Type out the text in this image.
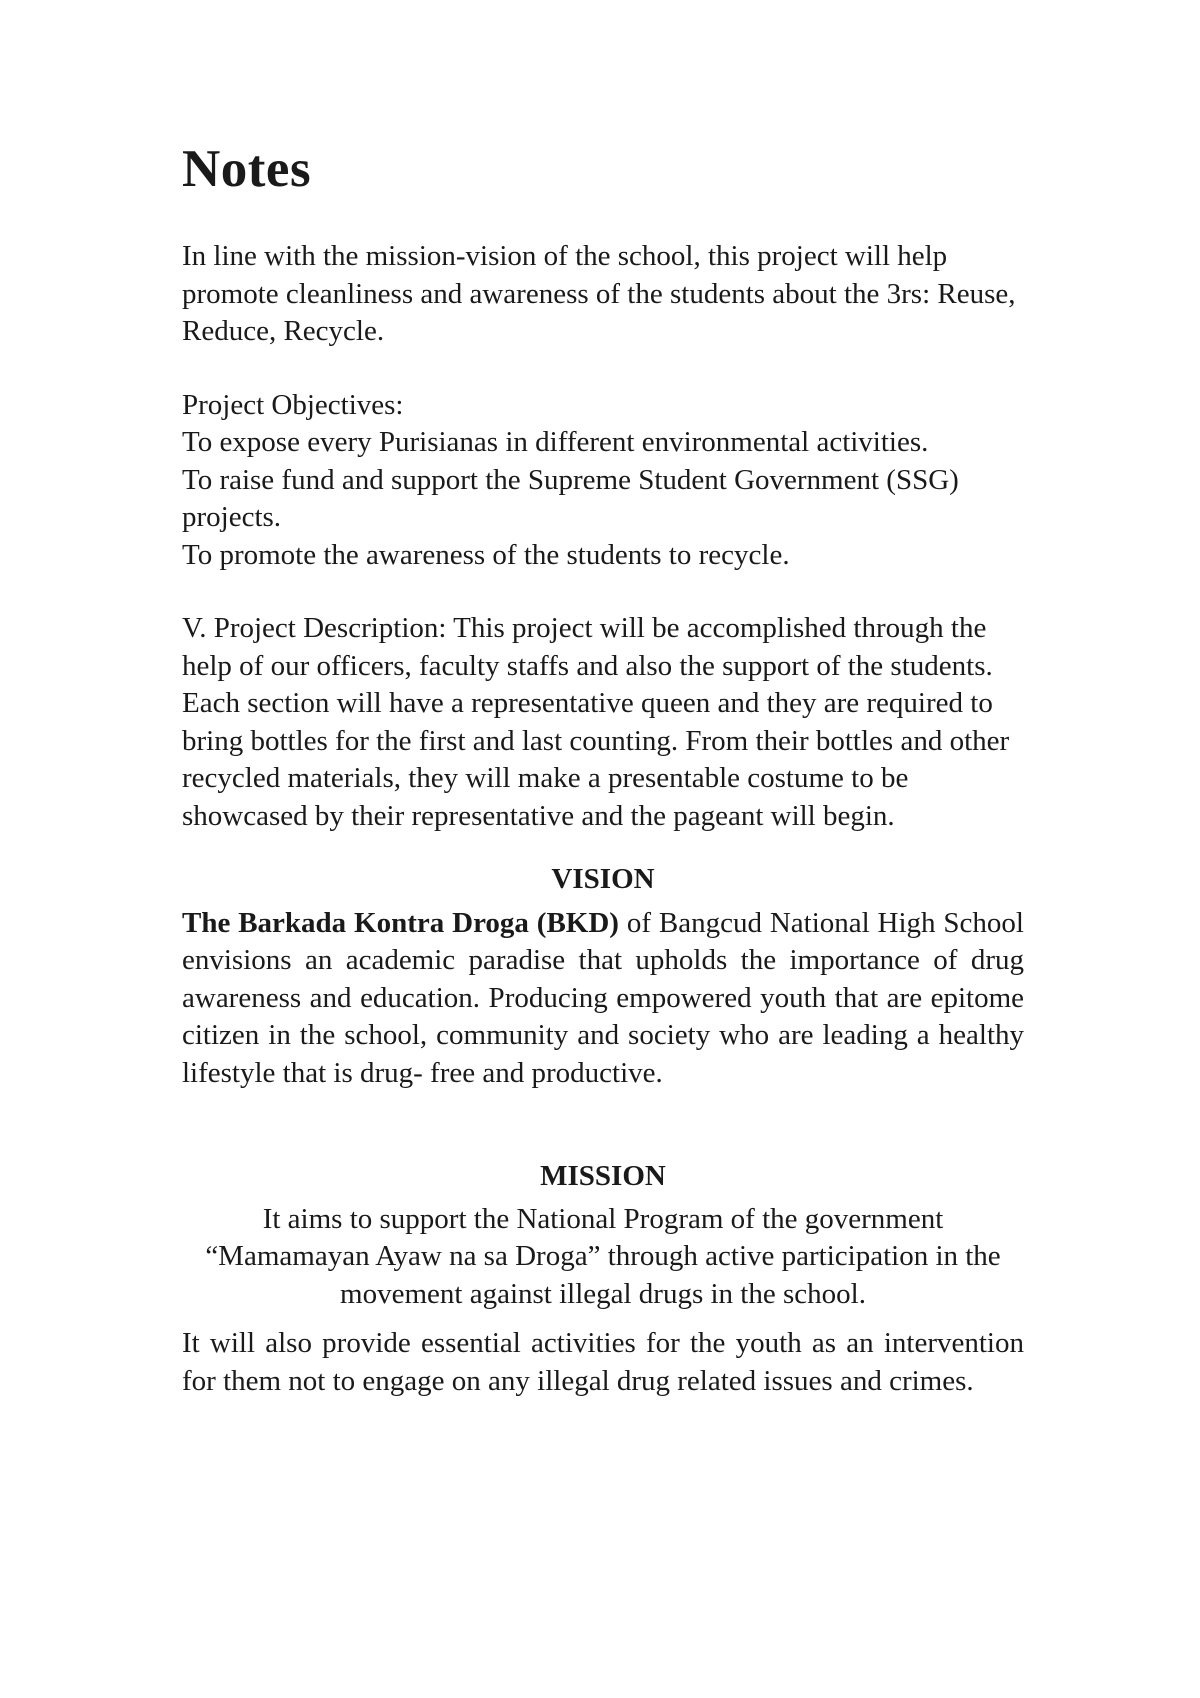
Notes

In line with the mission-vision of the school, this project will help promote cleanliness and awareness of the students about the 3rs: Reuse, Reduce, Recycle.

Project Objectives:

To expose every Purisianas in different environmental activities.

To raise fund and support the Supreme Student Government (SSG) projects.

To promote the awareness of the students to recycle.

V. Project Description: This project will be accomplished through the help of our officers, faculty staffs and also the support of the students. Each section will have a representative queen and they are required to bring bottles for the first and last counting. From their bottles and other recycled materials, they will make a presentable costume to be showcased by their representative and the pageant will begin.

VISION

The Barkada Kontra Droga (BKD) of Bangcud National High School envisions an academic paradise that upholds the importance of drug awareness and education. Producing empowered youth that are epitome citizen in the school, community and society who are leading a healthy lifestyle that is drug- free and productive.

MISSION

It aims to support the National Program of the government “Mamamayan Ayaw na sa Droga” through active participation in the movement against illegal drugs in the school.

It will also provide essential activities for the youth as an intervention for them not to engage on any illegal drug related issues and crimes.
